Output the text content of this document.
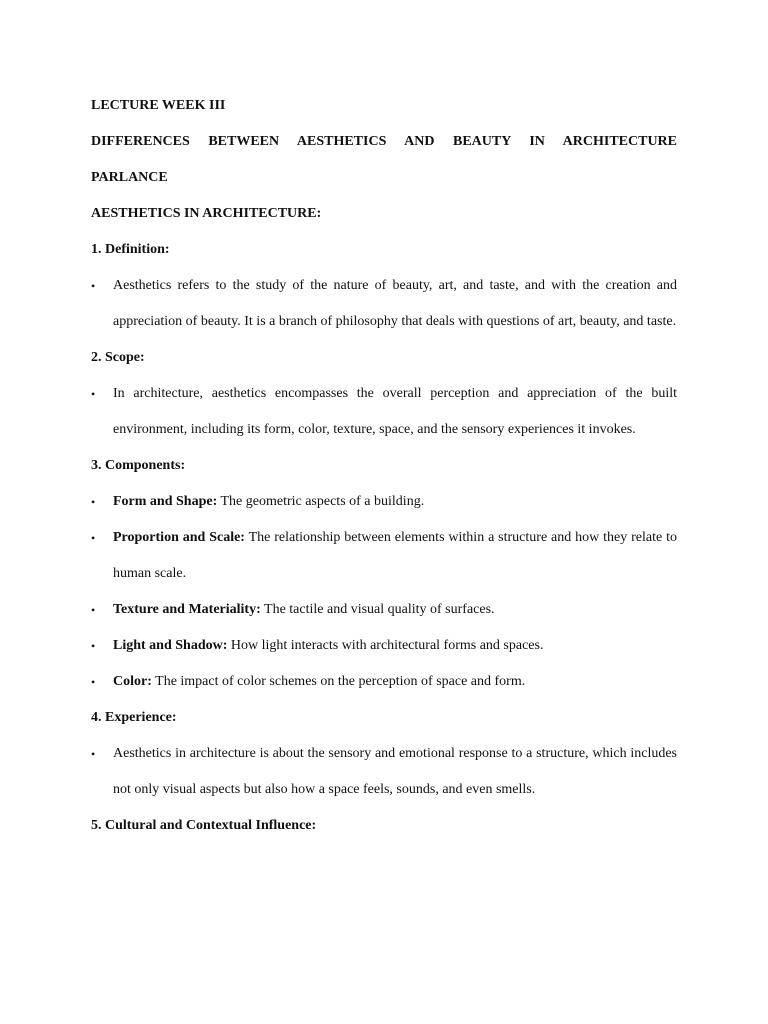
LECTURE WEEK III

DIFFERENCES BETWEEN AESTHETICS AND BEAUTY IN ARCHITECTURE

PARLANCE

AESTHETICS IN ARCHITECTURE:

1. Definition:

•	Aesthetics refers to the study of the nature of beauty, art, and taste, and with the creation and appreciation of beauty. It is a branch of philosophy that deals with questions of art, beauty, and taste.

2. Scope:

•	In architecture, aesthetics encompasses the overall perception and appreciation of the built environment, including its form, color, texture, space, and the sensory experiences it invokes.

3. Components:

•	Form and Shape: The geometric aspects of a building.
•	Proportion and Scale: The relationship between elements within a structure and how they relate to human scale.
•	Texture and Materiality: The tactile and visual quality of surfaces.
•	Light and Shadow: How light interacts with architectural forms and spaces.
•	Color: The impact of color schemes on the perception of space and form.

4. Experience:

•	Aesthetics in architecture is about the sensory and emotional response to a structure, which includes not only visual aspects but also how a space feels, sounds, and even smells.

5. Cultural and Contextual Influence:
